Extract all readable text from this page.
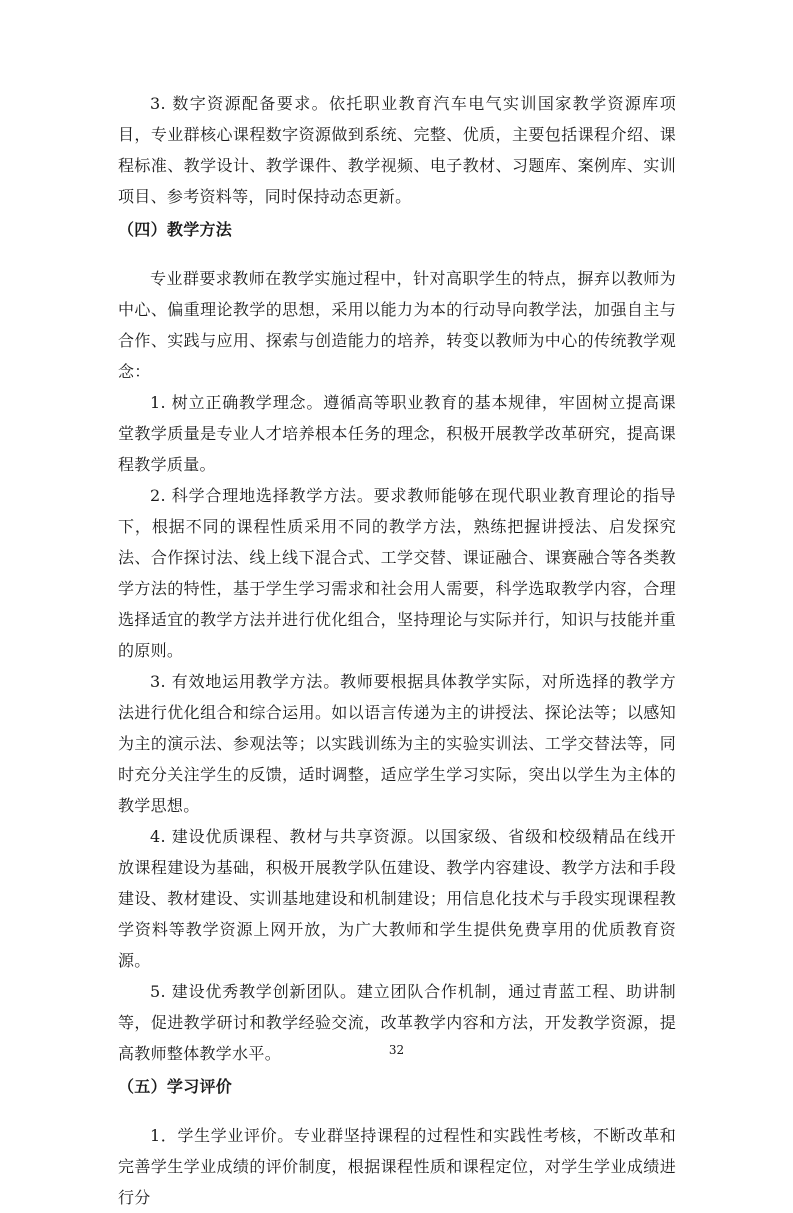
3. 数字资源配备要求。依托职业教育汽车电气实训国家教学资源库项目，专业群核心课程数字资源做到系统、完整、优质，主要包括课程介绍、课程标准、教学设计、教学课件、教学视频、电子教材、习题库、案例库、实训项目、参考资料等，同时保持动态更新。

（四）教学方法

专业群要求教师在教学实施过程中，针对高职学生的特点，摒弃以教师为中心、偏重理论教学的思想，采用以能力为本的行动导向教学法，加强自主与合作、实践与应用、探索与创造能力的培养，转变以教师为中心的传统教学观念：

1. 树立正确教学理念。遵循高等职业教育的基本规律，牢固树立提高课堂教学质量是专业人才培养根本任务的理念，积极开展教学改革研究，提高课程教学质量。

2. 科学合理地选择教学方法。要求教师能够在现代职业教育理论的指导下，根据不同的课程性质采用不同的教学方法，熟练把握讲授法、启发探究法、合作探讨法、线上线下混合式、工学交替、课证融合、课赛融合等各类教学方法的特性，基于学生学习需求和社会用人需要，科学选取教学内容，合理选择适宜的教学方法并进行优化组合，坚持理论与实际并行，知识与技能并重的原则。

3. 有效地运用教学方法。教师要根据具体教学实际，对所选择的教学方法进行优化组合和综合运用。如以语言传递为主的讲授法、探论法等；以感知为主的演示法、参观法等；以实践训练为主的实验实训法、工学交替法等，同时充分关注学生的反馈，适时调整，适应学生学习实际，突出以学生为主体的教学思想。

4. 建设优质课程、教材与共享资源。以国家级、省级和校级精品在线开放课程建设为基础，积极开展教学队伍建设、教学内容建设、教学方法和手段建设、教材建设、实训基地建设和机制建设；用信息化技术与手段实现课程教学资料等教学资源上网开放，为广大教师和学生提供免费享用的优质教育资源。

5. 建设优秀教学创新团队。建立团队合作机制，通过青蓝工程、助讲制等，促进教学研讨和教学经验交流，改革教学内容和方法，开发教学资源，提高教师整体教学水平。

（五）学习评价

1．学生学业评价。专业群坚持课程的过程性和实践性考核，不断改革和完善学生学业成绩的评价制度，根据课程性质和课程定位，对学生学业成绩进行分

32
